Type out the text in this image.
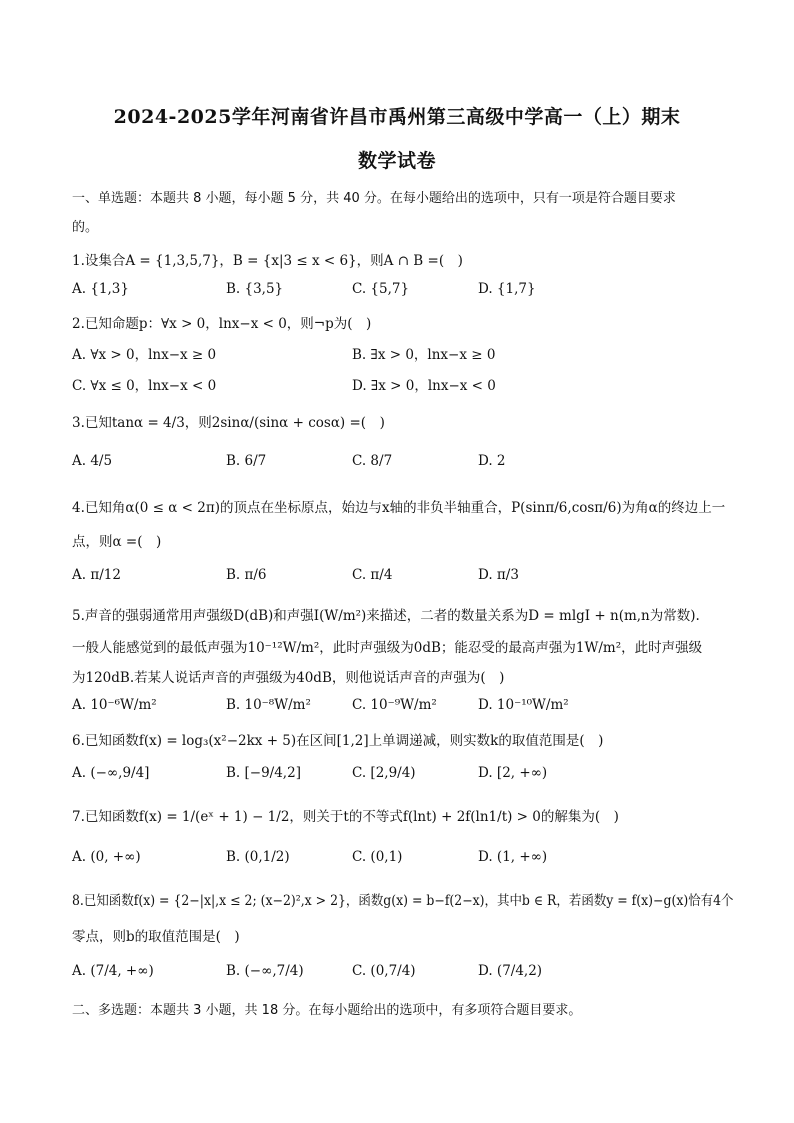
2024-2025学年河南省许昌市禹州第三高级中学高一（上）期末
数学试卷
一、单选题：本题共 8 小题，每小题 5 分，共 40 分。在每小题给出的选项中，只有一项是符合题目要求
的。
1.设集合A = {1,3,5,7}，B = {x|3 ≤ x < 6}，则A ∩ B =(　)
A. {1,3}	B. {3,5}	C. {5,7}	D. {1,7}
2.已知命题p：∀x > 0，lnx−x < 0，则¬p为(　)
A. ∀x > 0，lnx−x ≥ 0	B. ∃x > 0，lnx−x ≥ 0
C. ∀x ≤ 0，lnx−x < 0	D. ∃x > 0，lnx−x < 0
3.已知tanα = 4/3，则2sinα/(sinα + cosα) =(　)
A. 4/5	B. 6/7	C. 8/7	D. 2
4.已知角α(0 ≤ α < 2π)的顶点在坐标原点，始边与x轴的非负半轴重合，P(sinπ/6,cosπ/6)为角α的终边上一
点，则α =(　)
A. π/12	B. π/6	C. π/4	D. π/3
5.声音的强弱通常用声强级D(dB)和声强I(W/m²)来描述，二者的数量关系为D = mlgI + n(m,n为常数).
一般人能感觉到的最低声强为10⁻¹²W/m²，此时声强级为0dB；能忍受的最高声强为1W/m²，此时声强级
为120dB.若某人说话声音的声强级为40dB，则他说话声音的声强为(　)
A. 10⁻⁶W/m²	B. 10⁻⁸W/m²	C. 10⁻⁹W/m²	D. 10⁻¹⁰W/m²
6.已知函数f(x) = log₃(x²−2kx + 5)在区间[1,2]上单调递减，则实数k的取值范围是(　)
A. (−∞,9/4]	B. [−9/4,2]	C. [2,9/4)	D. [2, +∞)
7.已知函数f(x) = 1/(eˣ + 1) − 1/2，则关于t的不等式f(lnt) + 2f(ln1/t) > 0的解集为(　)
A. (0, +∞)	B. (0,1/2)	C. (0,1)	D. (1, +∞)
8.已知函数f(x) = {2−|x|,x ≤ 2; (x−2)²,x > 2}，函数g(x) = b−f(2−x)，其中b ∈ R，若函数y = f(x)−g(x)恰有4个
零点，则b的取值范围是(　)
A. (7/4, +∞)	B. (−∞,7/4)	C. (0,7/4)	D. (7/4,2)
二、多选题：本题共 3 小题，共 18 分。在每小题给出的选项中，有多项符合题目要求。
